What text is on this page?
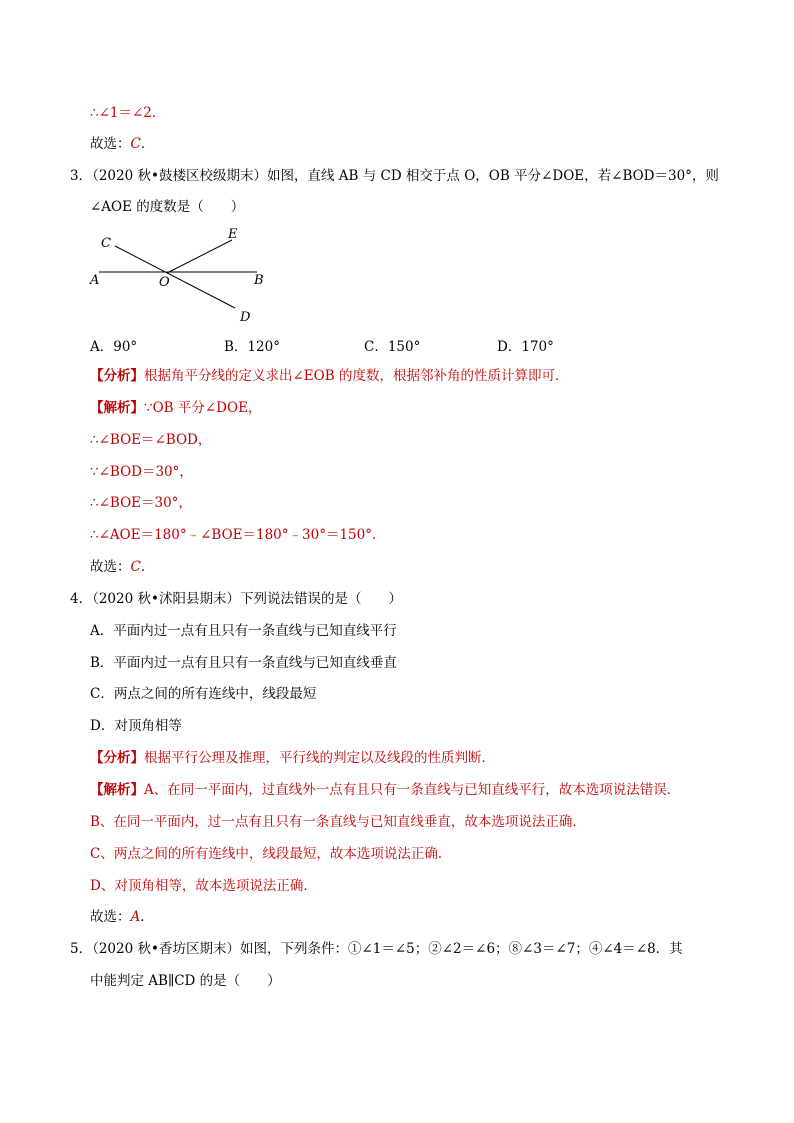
∴∠1＝∠2．
故选：C．
3．（2020 秋•鼓楼区校级期末）如图，直线 AB 与 CD 相交于点 O，OB 平分∠DOE，若∠BOD＝30°，则
∠AOE 的度数是（　　）
C
E
A	O	B
D
A．90°	B．120°	C．150°	D．170°
【分析】根据角平分线的定义求出∠EOB 的度数，根据邻补角的性质计算即可．
【解析】∵OB 平分∠DOE，
∴∠BOE＝∠BOD，
∵∠BOD＝30°，
∴∠BOE＝30°，
∴∠AOE＝180°﹣∠BOE＝180°﹣30°＝150°．
故选：C．
4．（2020 秋•沭阳县期末）下列说法错误的是（　　）
A．平面内过一点有且只有一条直线与已知直线平行
B．平面内过一点有且只有一条直线与已知直线垂直
C．两点之间的所有连线中，线段最短
D．对顶角相等
【分析】根据平行公理及推理，平行线的判定以及线段的性质判断．
【解析】A、在同一平面内，过直线外一点有且只有一条直线与已知直线平行，故本选项说法错误．
B、在同一平面内，过一点有且只有一条直线与已知直线垂直，故本选项说法正确．
C、两点之间的所有连线中，线段最短，故本选项说法正确．
D、对顶角相等，故本选项说法正确．
故选：A．
5．（2020 秋•香坊区期末）如图，下列条件：①∠1＝∠5；②∠2＝∠6；⑧∠3＝∠7；④∠4＝∠8．其
中能判定 AB∥CD 的是（　　）
